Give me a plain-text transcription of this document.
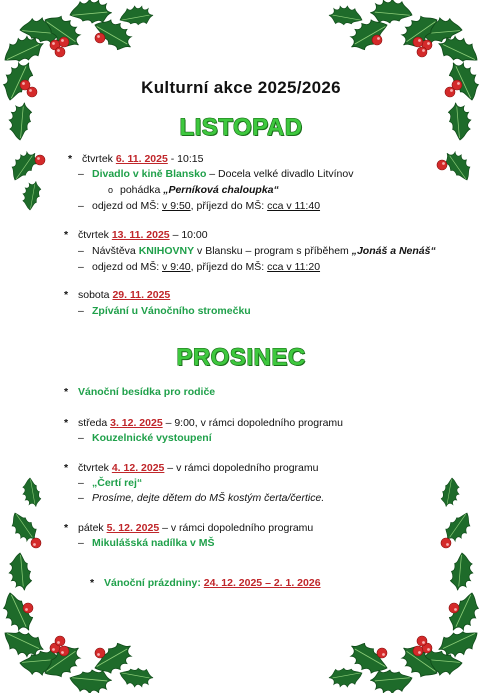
Kulturní akce 2025/2026
LISTOPAD
* čtvrtek 6. 11. 2025 - 10:15
– Divadlo v kině Blansko – Docela velké divadlo Litvínov
o pohádka „Perníková chaloupka“
– odjezd od MŠ: v 9:50, příjezd do MŠ: cca v 11:40
* čtvrtek 13. 11. 2025 – 10:00
– Návštěva KNIHOVNY v Blansku – program s příběhem „Jonáš a Nenáš“
– odjezd od MŠ: v 9:40, příjezd do MŠ: cca v 11:20
* sobota 29. 11. 2025
– Zpívání u Vánočního stromečku
PROSINEC
* Vánoční besídka pro rodiče
* středa 3. 12. 2025 – 9:00, v rámci dopoledního programu
– Kouzelnické vystoupení
* čtvrtek 4. 12. 2025 – v rámci dopoledního programu
– „Čertí rej“
– Prosíme, dejte dětem do MŠ kostým čerta/čertice.
* pátek 5. 12. 2025 – v rámci dopoledního programu
– Mikulášská nadílka v MŠ
* Vánoční prázdniny: 24. 12. 2025 – 2. 1. 2026
